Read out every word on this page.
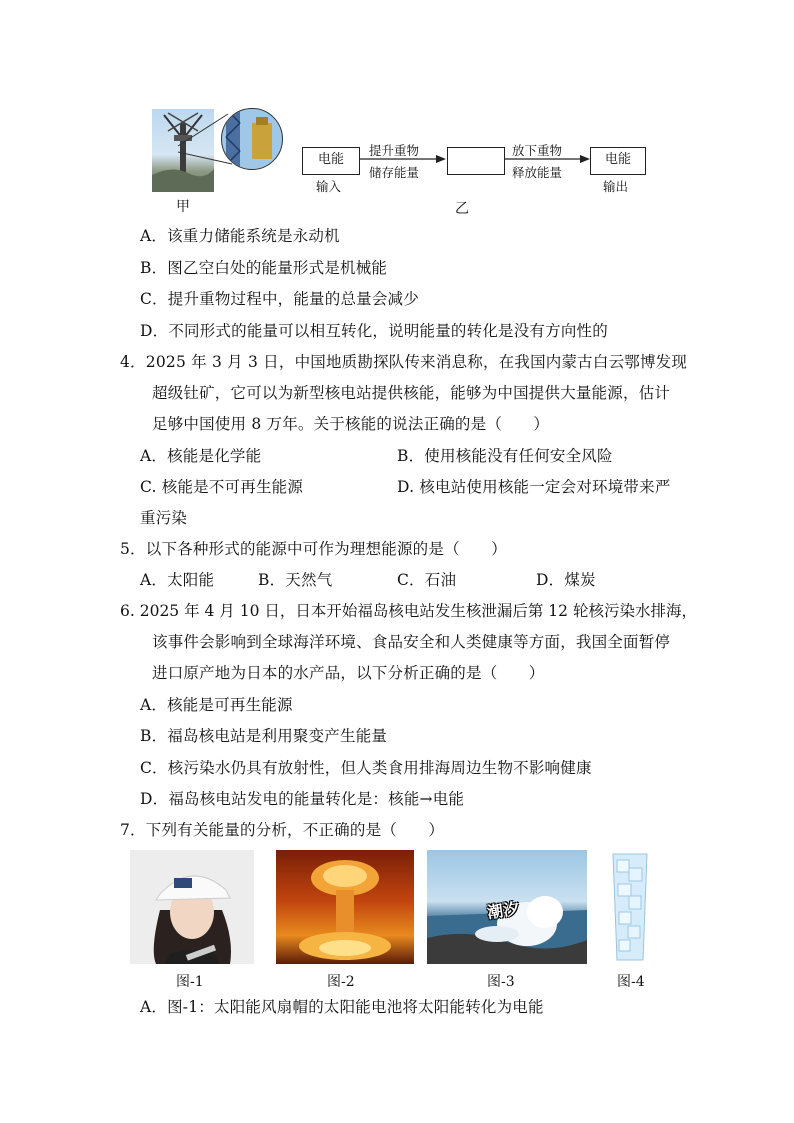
甲
电能
输入
提升重物
储存能量
放下重物
释放能量
电能
输出
乙
A．该重力储能系统是永动机
B．图乙空白处的能量形式是机械能
C．提升重物过程中，能量的总量会减少
D．不同形式的能量可以相互转化，说明能量的转化是没有方向性的
4．2025 年 3 月 3 日，中国地质勘探队传来消息称，在我国内蒙古白云鄂博发现
超级钍矿，它可以为新型核电站提供核能，能够为中国提供大量能源，估计
足够中国使用 8 万年。关于核能的说法正确的是（　　）
A．核能是化学能	B．使用核能没有任何安全风险
C. 核能是不可再生能源	D. 核电站使用核能一定会对环境带来严
重污染
5．以下各种形式的能源中可作为理想能源的是（　　）
A．太阳能	B．天然气	C．石油	D．煤炭
6. 2025 年 4 月 10 日，日本开始福岛核电站发生核泄漏后第 12 轮核污染水排海，
该事件会影响到全球海洋环境、食品安全和人类健康等方面，我国全面暂停
进口原产地为日本的水产品，以下分析正确的是（　　）
A．核能是可再生能源
B．福岛核电站是利用聚变产生能量
C．核污染水仍具有放射性，但人类食用排海周边生物不影响健康
D．福岛核电站发电的能量转化是：核能→电能
7．下列有关能量的分析，不正确的是（　　）
潮汐
图-1	图-2	图-3	图-4
A．图-1：太阳能风扇帽的太阳能电池将太阳能转化为电能
